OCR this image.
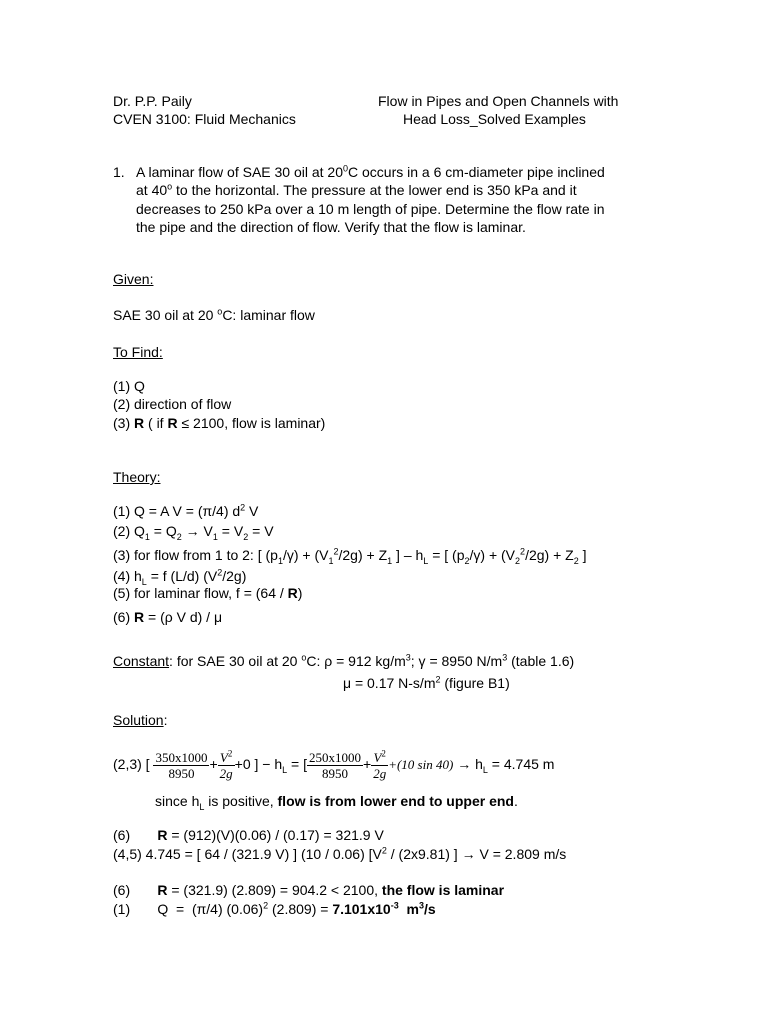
Dr. P.P. Paily
CVEN 3100: Fluid Mechanics
Flow in Pipes and Open Channels with
Head Loss_Solved Examples
1. A laminar flow of SAE 30 oil at $20^0C$ occurs in a 6 cm-diameter pipe inclined
at 40$^o$ to the horizontal. The pressure at the lower end is 350 kPa and it
decreases to 250 kPa over a 10 m length of pipe. Determine the flow rate in
the pipe and the direction of flow. Verify that the flow is laminar.
Given:
SAE 30 oil at 20 $^o$C: laminar flow
To Find:
(1) Q
(2) direction of flow
(3) R ( if R ≤ 2100, flow is laminar)
Theory:
(1) Q = A V = (π/4) $d^2$ V
(2) $Q_1 = Q_2 \to V_1 = V_2 = V$
(3) for flow from 1 to 2: [ $(p_1/\gamma) + (V_1^2/2g) + Z_1$ ] – $h_L$ = [ $(p_2/\gamma) + (V_2^2/2g) + Z_2$ ]
(4) $h_L = f$ (L/d) $(V^2/2g)$
(5) for laminar flow, f = (64 / R)
(6) R = (ρ V d) / μ
Constant: for SAE 30 oil at 20 $^o$C: ρ = 912 $kg/m^3$; γ = 8950 $N/m^3$ (table 1.6)
μ = 0.17 $N-s/m^2$ (figure B1)
Solution:
(2,3) [ $\frac{350x1000}{8950} + \frac{V^2}{2g} +0$ ] − $h_L$ = [ $\frac{250x1000}{8950} + \frac{V^2}{2g} +(10$ $\sin 40) \to h_L = 4.745$ m
since $h_L$ is positive, flow is from lower end to upper end.
(6)       R = (912)(V)(0.06) / (0.17) = 321.9 V
(4,5) 4.745 = [ 64 / (321.9 V) ] (10 / 0.06) [$V^2 / (2x9.81)$ ] → V = 2.809 m/s
(6)       R = (321.9) (2.809) = 904.2 < 2100, the flow is laminar
(1)       Q  =  (π/4) $(0.06)^2$ $(2.809) = 7.101x10^{-3}$  $m^3/s$
